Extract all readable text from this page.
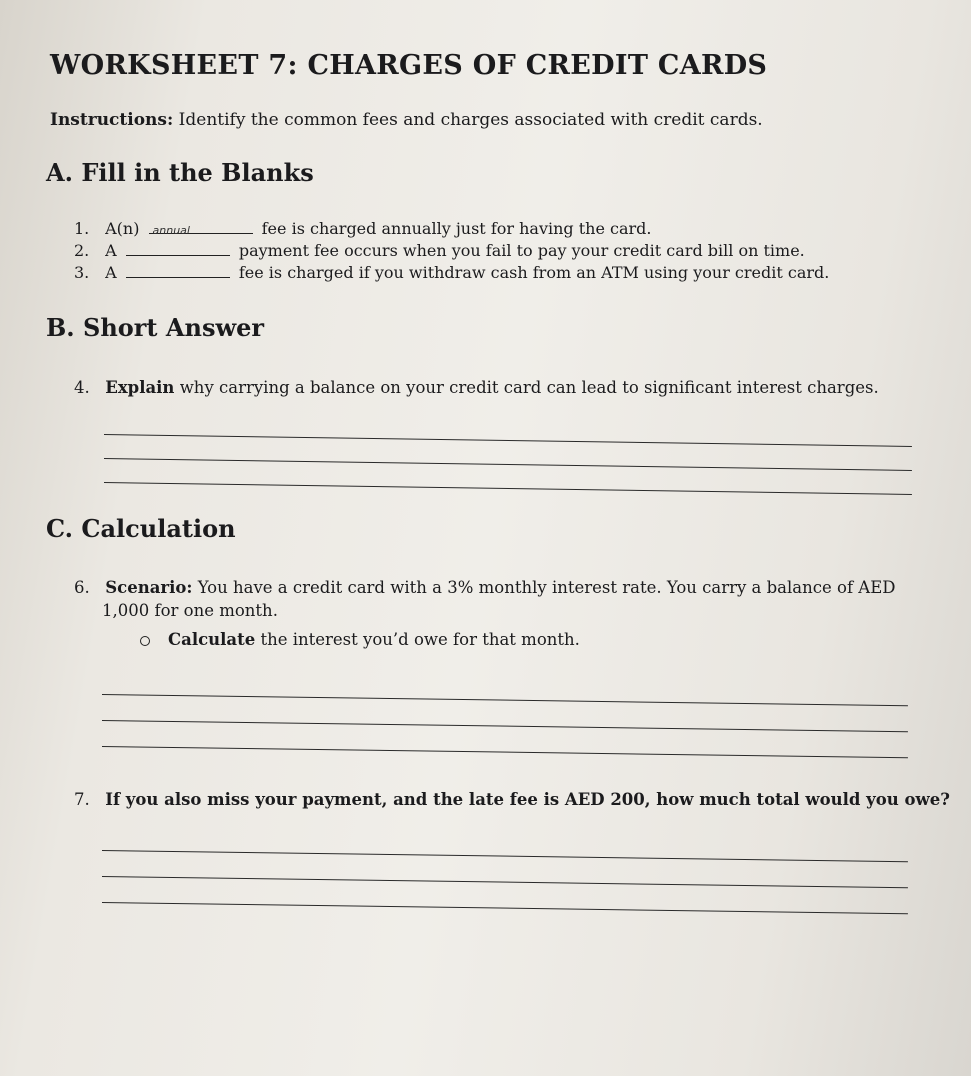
WORKSHEET 7: CHARGES OF CREDIT CARDS
Instructions: Identify the common fees and charges associated with credit cards.
A. Fill in the Blanks
1. A(n) annual	fee is charged annually just for having the card.
2. A	payment fee occurs when you fail to pay your credit card bill on time.
3. A	fee is charged if you withdraw cash from an ATM using your credit card.
B. Short Answer
4. Explain why carrying a balance on your credit card can lead to significant interest charges.
C. Calculation
6. Scenario: You have a credit card with a 3% monthly interest rate. You carry a balance of AED
1,000 for one month.
Calculate the interest you’d owe for that month.
7. If you also miss your payment, and the late fee is AED 200, how much total would you owe?
